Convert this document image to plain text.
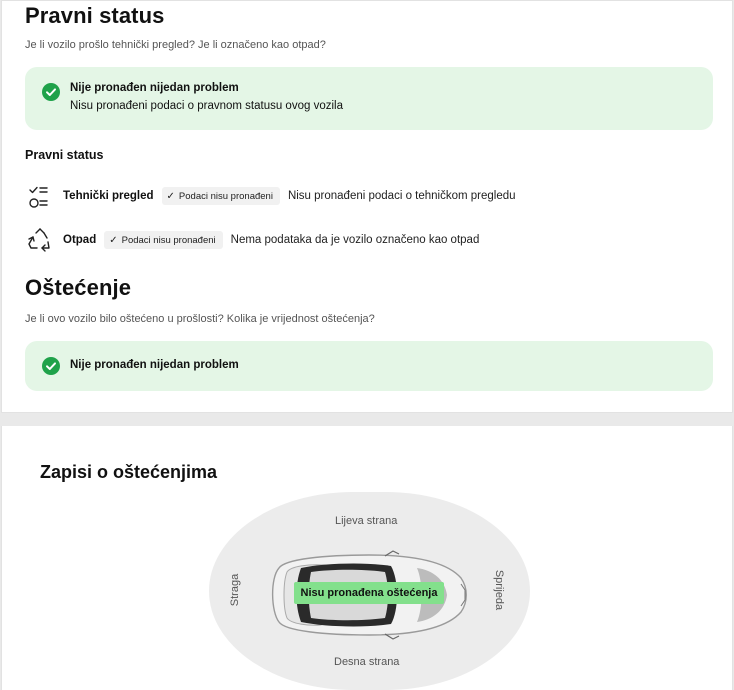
Pravni status
Je li vozilo prošlo tehnički pregled? Je li označeno kao otpad?
Nije pronađen nijedan problem
Nisu pronađeni podaci o pravnom statusu ovog vozila
Pravni status
Tehnički pregled ✓ Podaci nisu pronađeni Nisu pronađeni podaci o tehničkom pregledu
Otpad ✓ Podaci nisu pronađeni Nema podataka da je vozilo označeno kao otpad
Oštećenje
Je li ovo vozilo bilo oštećeno u prošlosti? Kolika je vrijednost oštećenja?
Nije pronađen nijedan problem
Zapisi o oštećenjima
Lijeva strana
Desna strana
Straga	Sprijeda
Nisu pronađena oštećenja
